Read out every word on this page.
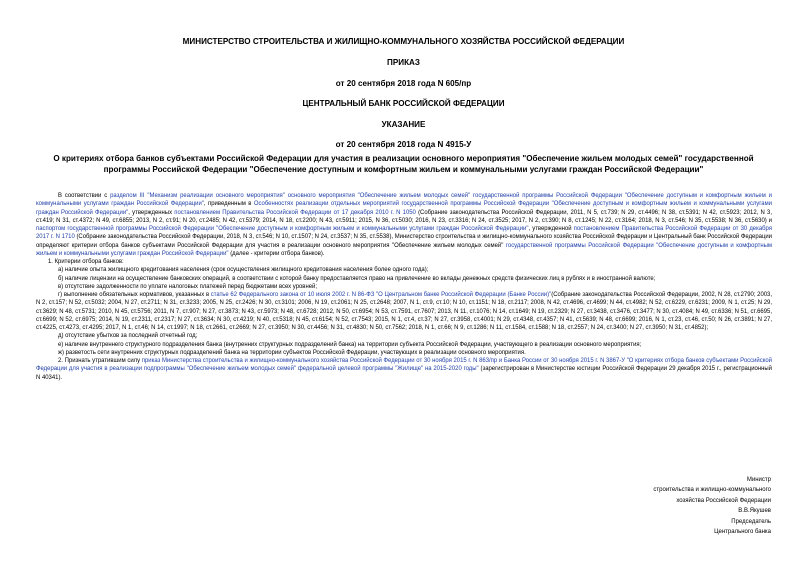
МИНИСТЕРСТВО СТРОИТЕЛЬСТВА И ЖИЛИЩНО-КОММУНАЛЬНОГО ХОЗЯЙСТВА РОССИЙСКОЙ ФЕДЕРАЦИИ
ПРИКАЗ
от 20 сентября 2018 года N 605/пр
ЦЕНТРАЛЬНЫЙ БАНК РОССИЙСКОЙ ФЕДЕРАЦИИ
УКАЗАНИЕ
от 20 сентября 2018 года N 4915-У
О критериях отбора банков субъектами Российской Федерации для участия в реализации основного мероприятия "Обеспечение жильем молодых семей" государственной программы Российской Федерации "Обеспечение доступным и комфортным жильем и коммунальными услугами граждан Российской Федерации"

В соответствии с разделом III "Механизм реализации основного мероприятия" основного мероприятия "Обеспечение жильем молодых семей" государственной программы Российской Федерации "Обеспечение доступным и комфортным жильем и коммунальными услугами граждан Российской Федерации", приведенным в Особенностях реализации отдельных мероприятий государственной программы Российской Федерации "Обеспечение доступным и комфортным жильем и коммунальными услугами граждан Российской Федерации", утвержденных постановлением Правительства Российской Федерации от 17 декабря 2010 г. N 1050 (Собрание законодательства Российской Федерации, 2011, N 5, ст.739; N 29, ст.4496; N 38, ст.5391; N 42, ст.5923; 2012, N 3, ст.419; N 31, ст.4372; N 49, ст.6855; 2013, N 2, ст.91; N 20, ст.2485; N 42, ст.5379; 2014, N 18, ст.2200; N 43, ст.5911; 2015, N 36, ст.5030; 2016, N 23, ст.3316; N 24, ст.3525; 2017, N 2, ст.390; N 8, ст.1245; N 22, ст.3164; 2018, N 3, ст.546; N 35, ст.5538; N 36, ст.5630) и паспортом государственной программы Российской Федерации "Обеспечение доступным и комфортным жильем и коммунальными услугами граждан Российской Федерации", утвержденной постановлением Правительства Российской Федерации от 30 декабря 2017 г. N 1710 (Собрание законодательства Российской Федерации, 2018, N 3, ст.546; N 10, ст.1507; N 24, ст.3537; N 35, ст.5538), Министерство строительства и жилищно-коммунального хозяйства Российской Федерации и Центральный банк Российской Федерации определяют критерии отбора банков субъектами Российской Федерации для участия в реализации основного мероприятия "Обеспечение жильем молодых семей" государственной программы Российской Федерации "Обеспечение доступным и комфортным жильем и коммунальными услугами граждан Российской Федерации" (далее - критерии отбора банков).

1. Критерии отбора банков:

а) наличие опыта жилищного кредитования населения (срок осуществления жилищного кредитования населения более одного года);

б) наличие лицензии на осуществление банковских операций, в соответствии с которой банку предоставляется право на привлечение во вклады денежных средств физических лиц в рублях и в иностранной валюте;

в) отсутствие задолженности по уплате налоговых платежей перед бюджетами всех уровней;

г) выполнение обязательных нормативов, указанных в статье 62 Федерального закона от 10 июля 2002 г. N 86-ФЗ "О Центральном банке Российской Федерации (Банке России)"(Собрание законодательства Российской Федерации, 2002, N 28, ст.2790; 2003, N 2, ст.157; N 52, ст.5032; 2004, N 27, ст.2711; N 31, ст.3233; 2005, N 25, ст.2426; N 30, ст.3101; 2006, N 19, ст.2061; N 25, ст.2648; 2007, N 1, ст.9, ст.10; N 10, ст.1151; N 18, ст.2117; 2008, N 42, ст.4696, ст.4699; N 44, ст.4982; N 52, ст.6229, ст.6231; 2009, N 1, ст.25; N 29, ст.3629; N 48, ст.5731; 2010, N 45, ст.5756; 2011, N 7, ст.907; N 27, ст.3873; N 43, ст.5973; N 48, ст.6728; 2012, N 50, ст.6954; N 53, ст.7591, ст.7607; 2013, N 11, ст.1076; N 14, ст.1649; N 19, ст.2329; N 27, ст.3438, ст.3476, ст.3477; N 30, ст.4084; N 49, ст.6336; N 51, ст.6695, ст.6699; N 52, ст.6975; 2014, N 19, ст.2311, ст.2317; N 27, ст.3634; N 30, ст.4219; N 40, ст.5318; N 45, ст.6154; N 52, ст.7543; 2015, N 1, ст.4, ст.37; N 27, ст.3958, ст.4001; N 29, ст.4348, ст.4357; N 41, ст.5639; N 48, ст.6699; 2016, N 1, ст.23, ст.46, ст.50; N 26, ст.3891; N 27, ст.4225, ст.4273, ст.4295; 2017, N 1, ст.46; N 14, ст.1997; N 18, ст.2661, ст.2669; N 27, ст.3950; N 30, ст.4456; N 31, ст.4830; N 50, ст.7562; 2018, N 1, ст.66; N 9, ст.1286; N 11, ст.1584, ст.1588; N 18, ст.2557; N 24, ст.3400; N 27, ст.3950; N 31, ст.4852);

д) отсутствие убытков за последний отчетный год;

е) наличие внутреннего структурного подразделения банка (внутренних структурных подразделений банка) на территории субъекта Российской Федерации, участвующего в реализации основного мероприятия;

ж) разветость сети внутренних структурных подразделений банка на территории субъектов Российской Федерации, участвующих в реализации основного мероприятия.

2. Признать утратившим силу приказ Министерства строительства и жилищно-коммунального хозяйства Российской Федерации от 30 ноября 2015 г. N 863/пр и Банка России от 30 ноября 2015 г. N 3867-У "О критериях отбора банков субъектами Российской Федерации для участия в реализации подпрограммы "Обеспечение жильем молодых семей" федеральной целевой программы "Жилище" на 2015-2020 годы" (зарегистрирован в Министерстве юстиции Российской Федерации 29 декабря 2015 г., регистрационный N 40341).

Министр
строительства и жилищно-коммунального
хозяйства Российской Федерации
В.В.Якушев
Председатель
Центрального банка
